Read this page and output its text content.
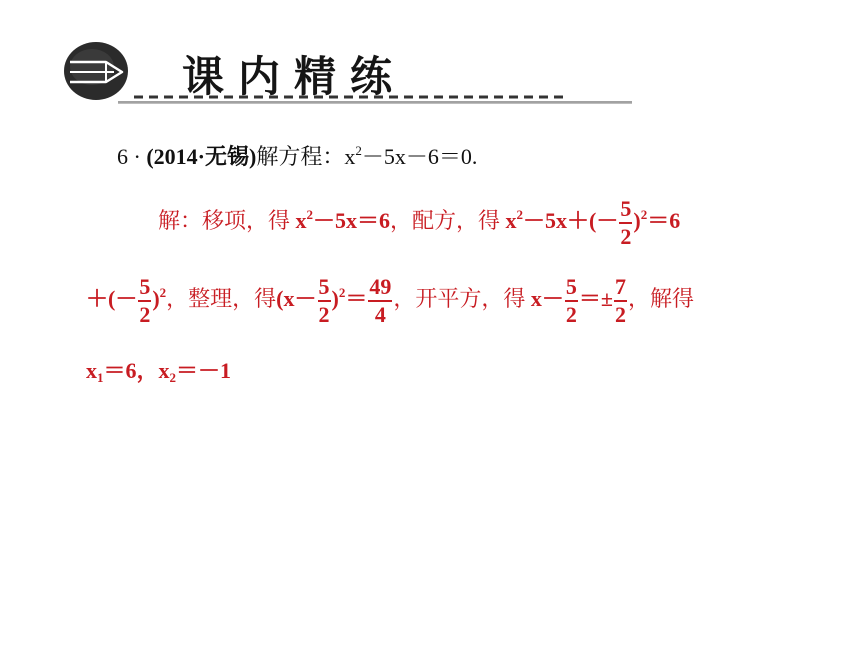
课内精练
6 · (2014·无锡)解方程：$x^2-5x-6=0$.
解：移项，得 $x^2-5x=6$，配方，得 $x^2-5x+(- \frac{5}{2} )^2=6$
＋(－ $\frac{5}{2} )^2$，整理，得$(x- \frac{5}{2} )^2= \frac{49}{4}$ ，开平方，得 $x- \frac{5}{2} =\pm \frac{7}{2}$ ，解得
$x_1=6$，$x_2=-1$
